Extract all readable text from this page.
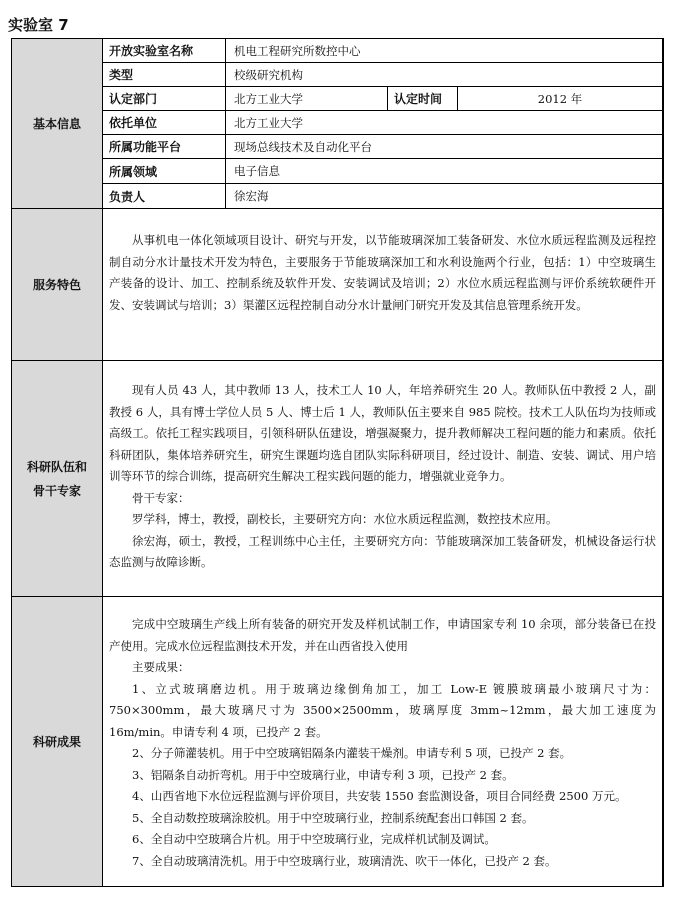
实验室 7
基本信息
开放实验室名称	机电工程研究所数控中心
类型	校级研究机构
认定部门	北方工业大学	认定时间	2012 年
依托单位	北方工业大学
所属功能平台	现场总线技术及自动化平台
所属领域	电子信息
负责人	徐宏海
服务特色

从事机电一体化领域项目设计、研究与开发，以节能玻璃深加工装备研发、水位水质远程监测及远程控制自动分水计量技术开发为特色，主要服务于节能玻璃深加工和水利设施两个行业，包括：1）中空玻璃生产装备的设计、加工、控制系统及软件开发、安装调试及培训；2）水位水质远程监测与评价系统软硬件开发、安装调试与培训；3）渠灌区远程控制自动分水计量闸门研究开发及其信息管理系统开发。

科研队伍和
骨干专家

现有人员 43 人，其中教师 13 人，技术工人 10 人，年培养研究生 20 人。教师队伍中教授 2 人，副教授 6 人，具有博士学位人员 5 人、博士后 1 人，教师队伍主要来自 985 院校。技术工人队伍均为技师或高级工。依托工程实践项目，引领科研队伍建设，增强凝聚力，提升教师解决工程问题的能力和素质。依托科研团队，集体培养研究生，研究生课题均选自团队实际科研项目，经过设计、制造、安装、调试、用户培训等环节的综合训练，提高研究生解决工程实践问题的能力，增强就业竞争力。

骨干专家：

罗学科，博士，教授，副校长，主要研究方向：水位水质远程监测，数控技术应用。

徐宏海，硕士，教授，工程训练中心主任，主要研究方向：节能玻璃深加工装备研发，机械设备运行状态监测与故障诊断。

科研成果

完成中空玻璃生产线上所有装备的研究开发及样机试制工作，申请国家专利 10 余项，部分装备已在投产使用。完成水位远程监测技术开发，并在山西省投入使用

主要成果：

1、立式玻璃磨边机。用于玻璃边缘倒角加工，加工 Low-E 镀膜玻璃最小玻璃尺寸为：750×300mm，最大玻璃尺寸为 3500×2500mm，玻璃厚度 3mm~12mm，最大加工速度为 16m/min。申请专利 4 项，已投产 2 套。

2、分子筛灌装机。用于中空玻璃铝隔条内灌装干燥剂。申请专利 5 项，已投产 2 套。

3、铝隔条自动折弯机。用于中空玻璃行业，申请专利 3 项，已投产 2 套。

4、山西省地下水位远程监测与评价项目，共安装 1550 套监测设备，项目合同经费 2500 万元。

5、全自动数控玻璃涂胶机。用于中空玻璃行业，控制系统配套出口韩国 2 套。

6、全自动中空玻璃合片机。用于中空玻璃行业，完成样机试制及调试。

7、全自动玻璃清洗机。用于中空玻璃行业，玻璃清洗、吹干一体化，已投产 2 套。
